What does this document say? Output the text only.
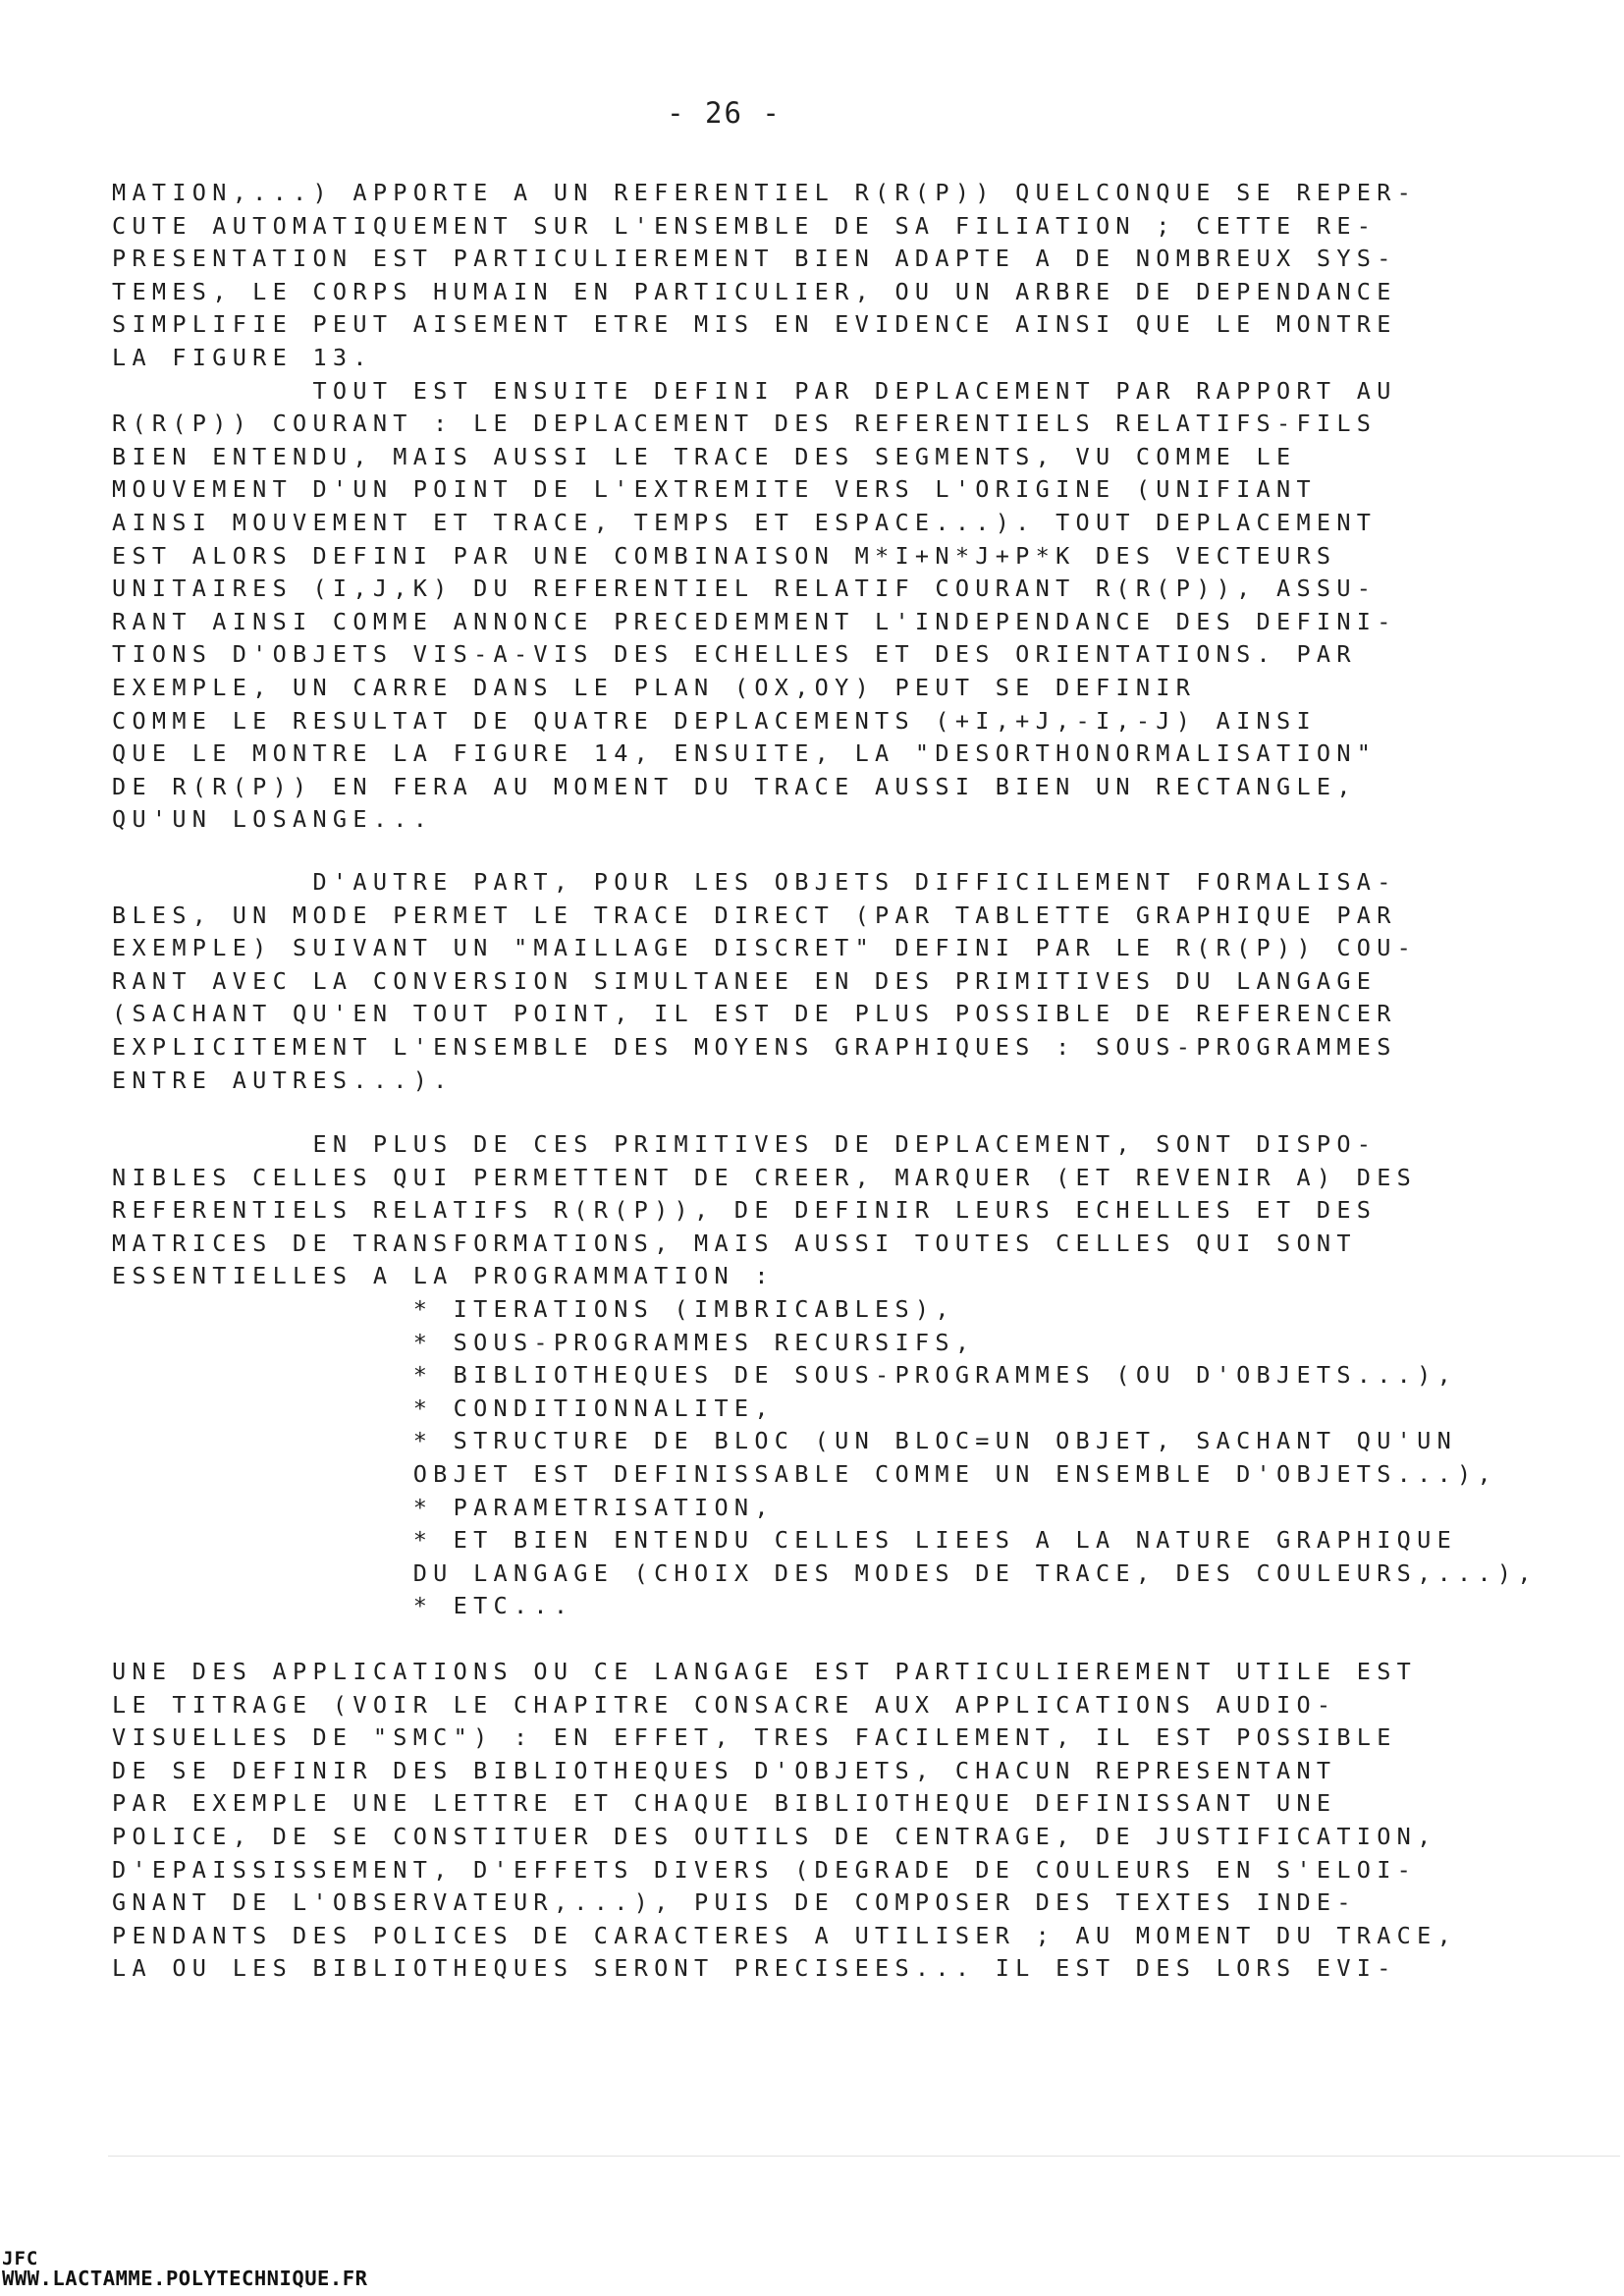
- 26 -
MATION,...) APPORTE A UN REFERENTIEL R(R(P)) QUELCONQUE SE REPER-
CUTE AUTOMATIQUEMENT SUR L'ENSEMBLE DE SA FILIATION ; CETTE RE-
PRESENTATION EST PARTICULIEREMENT BIEN ADAPTE A DE NOMBREUX SYS-
TEMES, LE CORPS HUMAIN EN PARTICULIER, OU UN ARBRE DE DEPENDANCE
SIMPLIFIE PEUT AISEMENT ETRE MIS EN EVIDENCE AINSI QUE LE MONTRE
LA FIGURE 13.
TOUT EST ENSUITE DEFINI PAR DEPLACEMENT PAR RAPPORT AU
R(R(P)) COURANT : LE DEPLACEMENT DES REFERENTIELS RELATIFS-FILS
BIEN ENTENDU, MAIS AUSSI LE TRACE DES SEGMENTS, VU COMME LE
MOUVEMENT D'UN POINT DE L'EXTREMITE VERS L'ORIGINE (UNIFIANT
AINSI MOUVEMENT ET TRACE, TEMPS ET ESPACE...). TOUT DEPLACEMENT
EST ALORS DEFINI PAR UNE COMBINAISON M*I+N*J+P*K DES VECTEURS
UNITAIRES (I,J,K) DU REFERENTIEL RELATIF COURANT R(R(P)), ASSU-
RANT AINSI COMME ANNONCE PRECEDEMMENT L'INDEPENDANCE DES DEFINI-
TIONS D'OBJETS VIS-A-VIS DES ECHELLES ET DES ORIENTATIONS. PAR
EXEMPLE, UN CARRE DANS LE PLAN (OX,OY) PEUT SE DEFINIR
COMME LE RESULTAT DE QUATRE DEPLACEMENTS (+I,+J,-I,-J) AINSI
QUE LE MONTRE LA FIGURE 14, ENSUITE, LA "DESORTHONORMALISATION"
DE R(R(P)) EN FERA AU MOMENT DU TRACE AUSSI BIEN UN RECTANGLE,
QU'UN LOSANGE...
D'AUTRE PART, POUR LES OBJETS DIFFICILEMENT FORMALISA-
BLES, UN MODE PERMET LE TRACE DIRECT (PAR TABLETTE GRAPHIQUE PAR
EXEMPLE) SUIVANT UN "MAILLAGE DISCRET" DEFINI PAR LE R(R(P)) COU-
RANT AVEC LA CONVERSION SIMULTANEE EN DES PRIMITIVES DU LANGAGE
(SACHANT QU'EN TOUT POINT, IL EST DE PLUS POSSIBLE DE REFERENCER
EXPLICITEMENT L'ENSEMBLE DES MOYENS GRAPHIQUES : SOUS-PROGRAMMES
ENTRE AUTRES...).
EN PLUS DE CES PRIMITIVES DE DEPLACEMENT, SONT DISPO-
NIBLES CELLES QUI PERMETTENT DE CREER, MARQUER (ET REVENIR A) DES
REFERENTIELS RELATIFS R(R(P)), DE DEFINIR LEURS ECHELLES ET DES
MATRICES DE TRANSFORMATIONS, MAIS AUSSI TOUTES CELLES QUI SONT
ESSENTIELLES A LA PROGRAMMATION :
* ITERATIONS (IMBRICABLES),
* SOUS-PROGRAMMES RECURSIFS,
* BIBLIOTHEQUES DE SOUS-PROGRAMMES (OU D'OBJETS...),
* CONDITIONNALITE,
* STRUCTURE DE BLOC (UN BLOC=UN OBJET, SACHANT QU'UN
OBJET EST DEFINISSABLE COMME UN ENSEMBLE D'OBJETS...),
* PARAMETRISATION,
* ET BIEN ENTENDU CELLES LIEES A LA NATURE GRAPHIQUE
DU LANGAGE (CHOIX DES MODES DE TRACE, DES COULEURS,...),
* ETC...
UNE DES APPLICATIONS OU CE LANGAGE EST PARTICULIEREMENT UTILE EST
LE TITRAGE (VOIR LE CHAPITRE CONSACRE AUX APPLICATIONS AUDIO-
VISUELLES DE "SMC") : EN EFFET, TRES FACILEMENT, IL EST POSSIBLE
DE SE DEFINIR DES BIBLIOTHEQUES D'OBJETS, CHACUN REPRESENTANT
PAR EXEMPLE UNE LETTRE ET CHAQUE BIBLIOTHEQUE DEFINISSANT UNE
POLICE, DE SE CONSTITUER DES OUTILS DE CENTRAGE, DE JUSTIFICATION,
D'EPAISSISSEMENT, D'EFFETS DIVERS (DEGRADE DE COULEURS EN S'ELOI-
GNANT DE L'OBSERVATEUR,...), PUIS DE COMPOSER DES TEXTES INDE-
PENDANTS DES POLICES DE CARACTERES A UTILISER ; AU MOMENT DU TRACE,
LA OU LES BIBLIOTHEQUES SERONT PRECISEES... IL EST DES LORS EVI-
JFC
WWW.LACTAMME.POLYTECHNIQUE.FR
